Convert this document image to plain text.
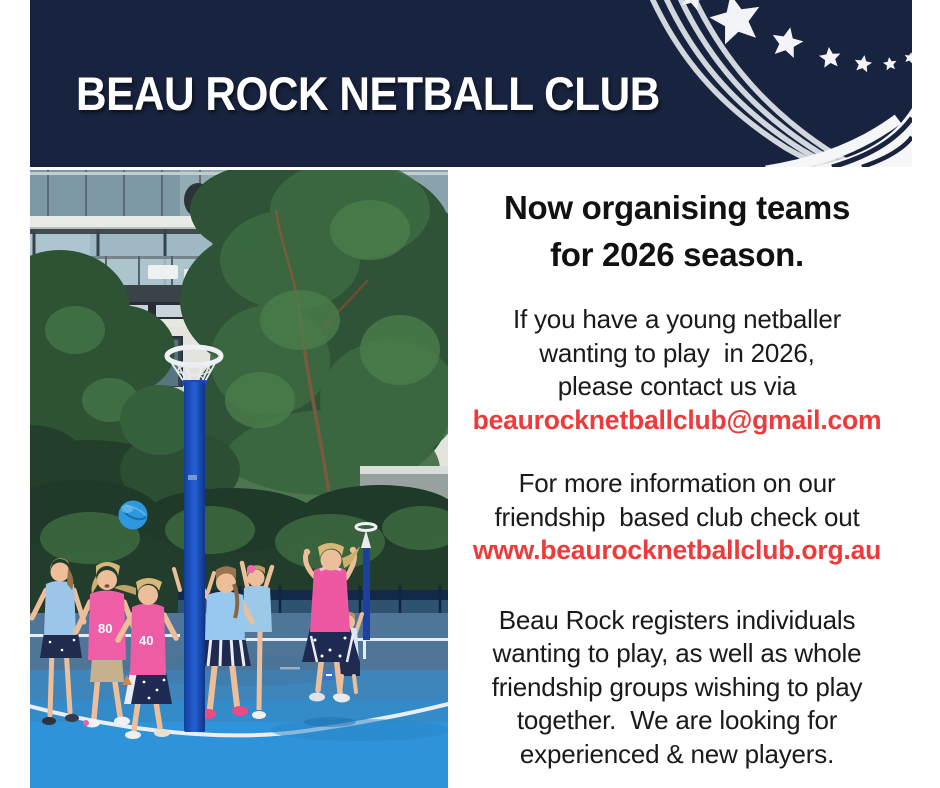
BEAU ROCK NETBALL CLUB
80
40
Now organising teams
for 2026 season.
If you have a young netballer
wanting to play  in 2026,
please contact us via
beaurocknetballclub@gmail.com
For more information on our
friendship  based club check out
www.beaurocknetballclub.org.au
Beau Rock registers individuals
wanting to play, as well as whole
friendship groups wishing to play
together.  We are looking for
experienced & new players.
